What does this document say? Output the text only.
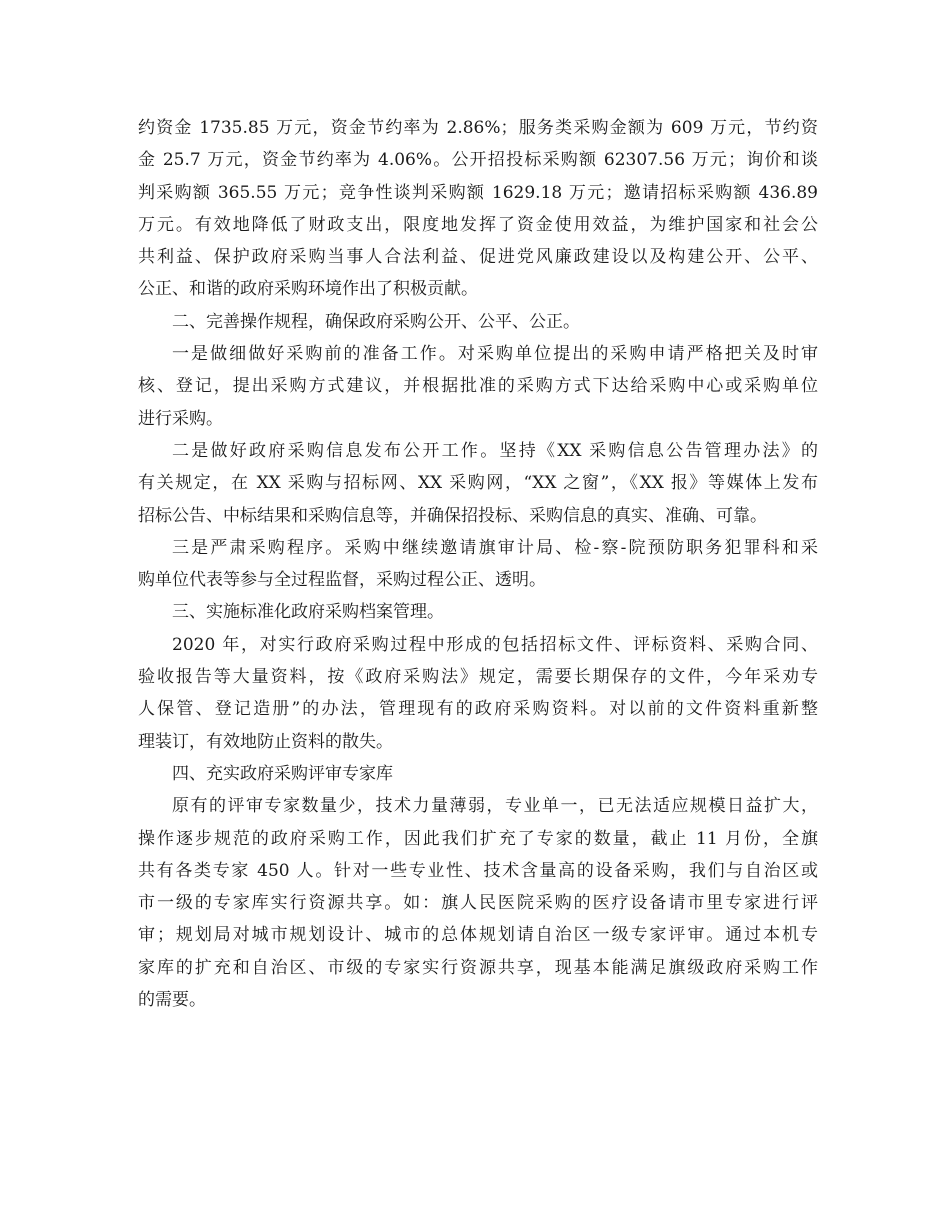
约资金 1735.85 万元，资金节约率为 2.86%；服务类采购金额为 609 万元，节约资
金 25.7 万元，资金节约率为 4.06%。公开招投标采购额 62307.56 万元；询价和谈
判采购额 365.55 万元；竞争性谈判采购额 1629.18 万元；邀请招标采购额 436.89
万元。有效地降低了财政支出，限度地发挥了资金使用效益，为维护国家和社会公
共利益、保护政府采购当事人合法利益、促进党风廉政建设以及构建公开、公平、
公正、和谐的政府采购环境作出了积极贡献。
二、完善操作规程，确保政府采购公开、公平、公正。
一是做细做好采购前的准备工作。对采购单位提出的采购申请严格把关及时审
核、登记，提出采购方式建议，并根据批准的采购方式下达给采购中心或采购单位
进行采购。
二是做好政府采购信息发布公开工作。坚持《XX 采购信息公告管理办法》的
有关规定，在 XX 采购与招标网、XX 采购网，“XX 之窗”，《XX 报》等媒体上发布
招标公告、中标结果和采购信息等，并确保招投标、采购信息的真实、准确、可靠。
三是严肃采购程序。采购中继续邀请旗审计局、检-察-院预防职务犯罪科和采
购单位代表等参与全过程监督，采购过程公正、透明。
三、实施标准化政府采购档案管理。
2020 年，对实行政府采购过程中形成的包括招标文件、评标资料、采购合同、
验收报告等大量资料，按《政府采购法》规定，需要长期保存的文件，今年采劝专
人保管、登记造册”的办法，管理现有的政府采购资料。对以前的文件资料重新整
理装订，有效地防止资料的散失。
四、充实政府采购评审专家库
原有的评审专家数量少，技术力量薄弱，专业单一，已无法适应规模日益扩大，
操作逐步规范的政府采购工作，因此我们扩充了专家的数量，截止 11 月份，全旗
共有各类专家 450 人。针对一些专业性、技术含量高的设备采购，我们与自治区或
市一级的专家库实行资源共享。如：旗人民医院采购的医疗设备请市里专家进行评
审；规划局对城市规划设计、城市的总体规划请自治区一级专家评审。通过本机专
家库的扩充和自治区、市级的专家实行资源共享，现基本能满足旗级政府采购工作
的需要。
